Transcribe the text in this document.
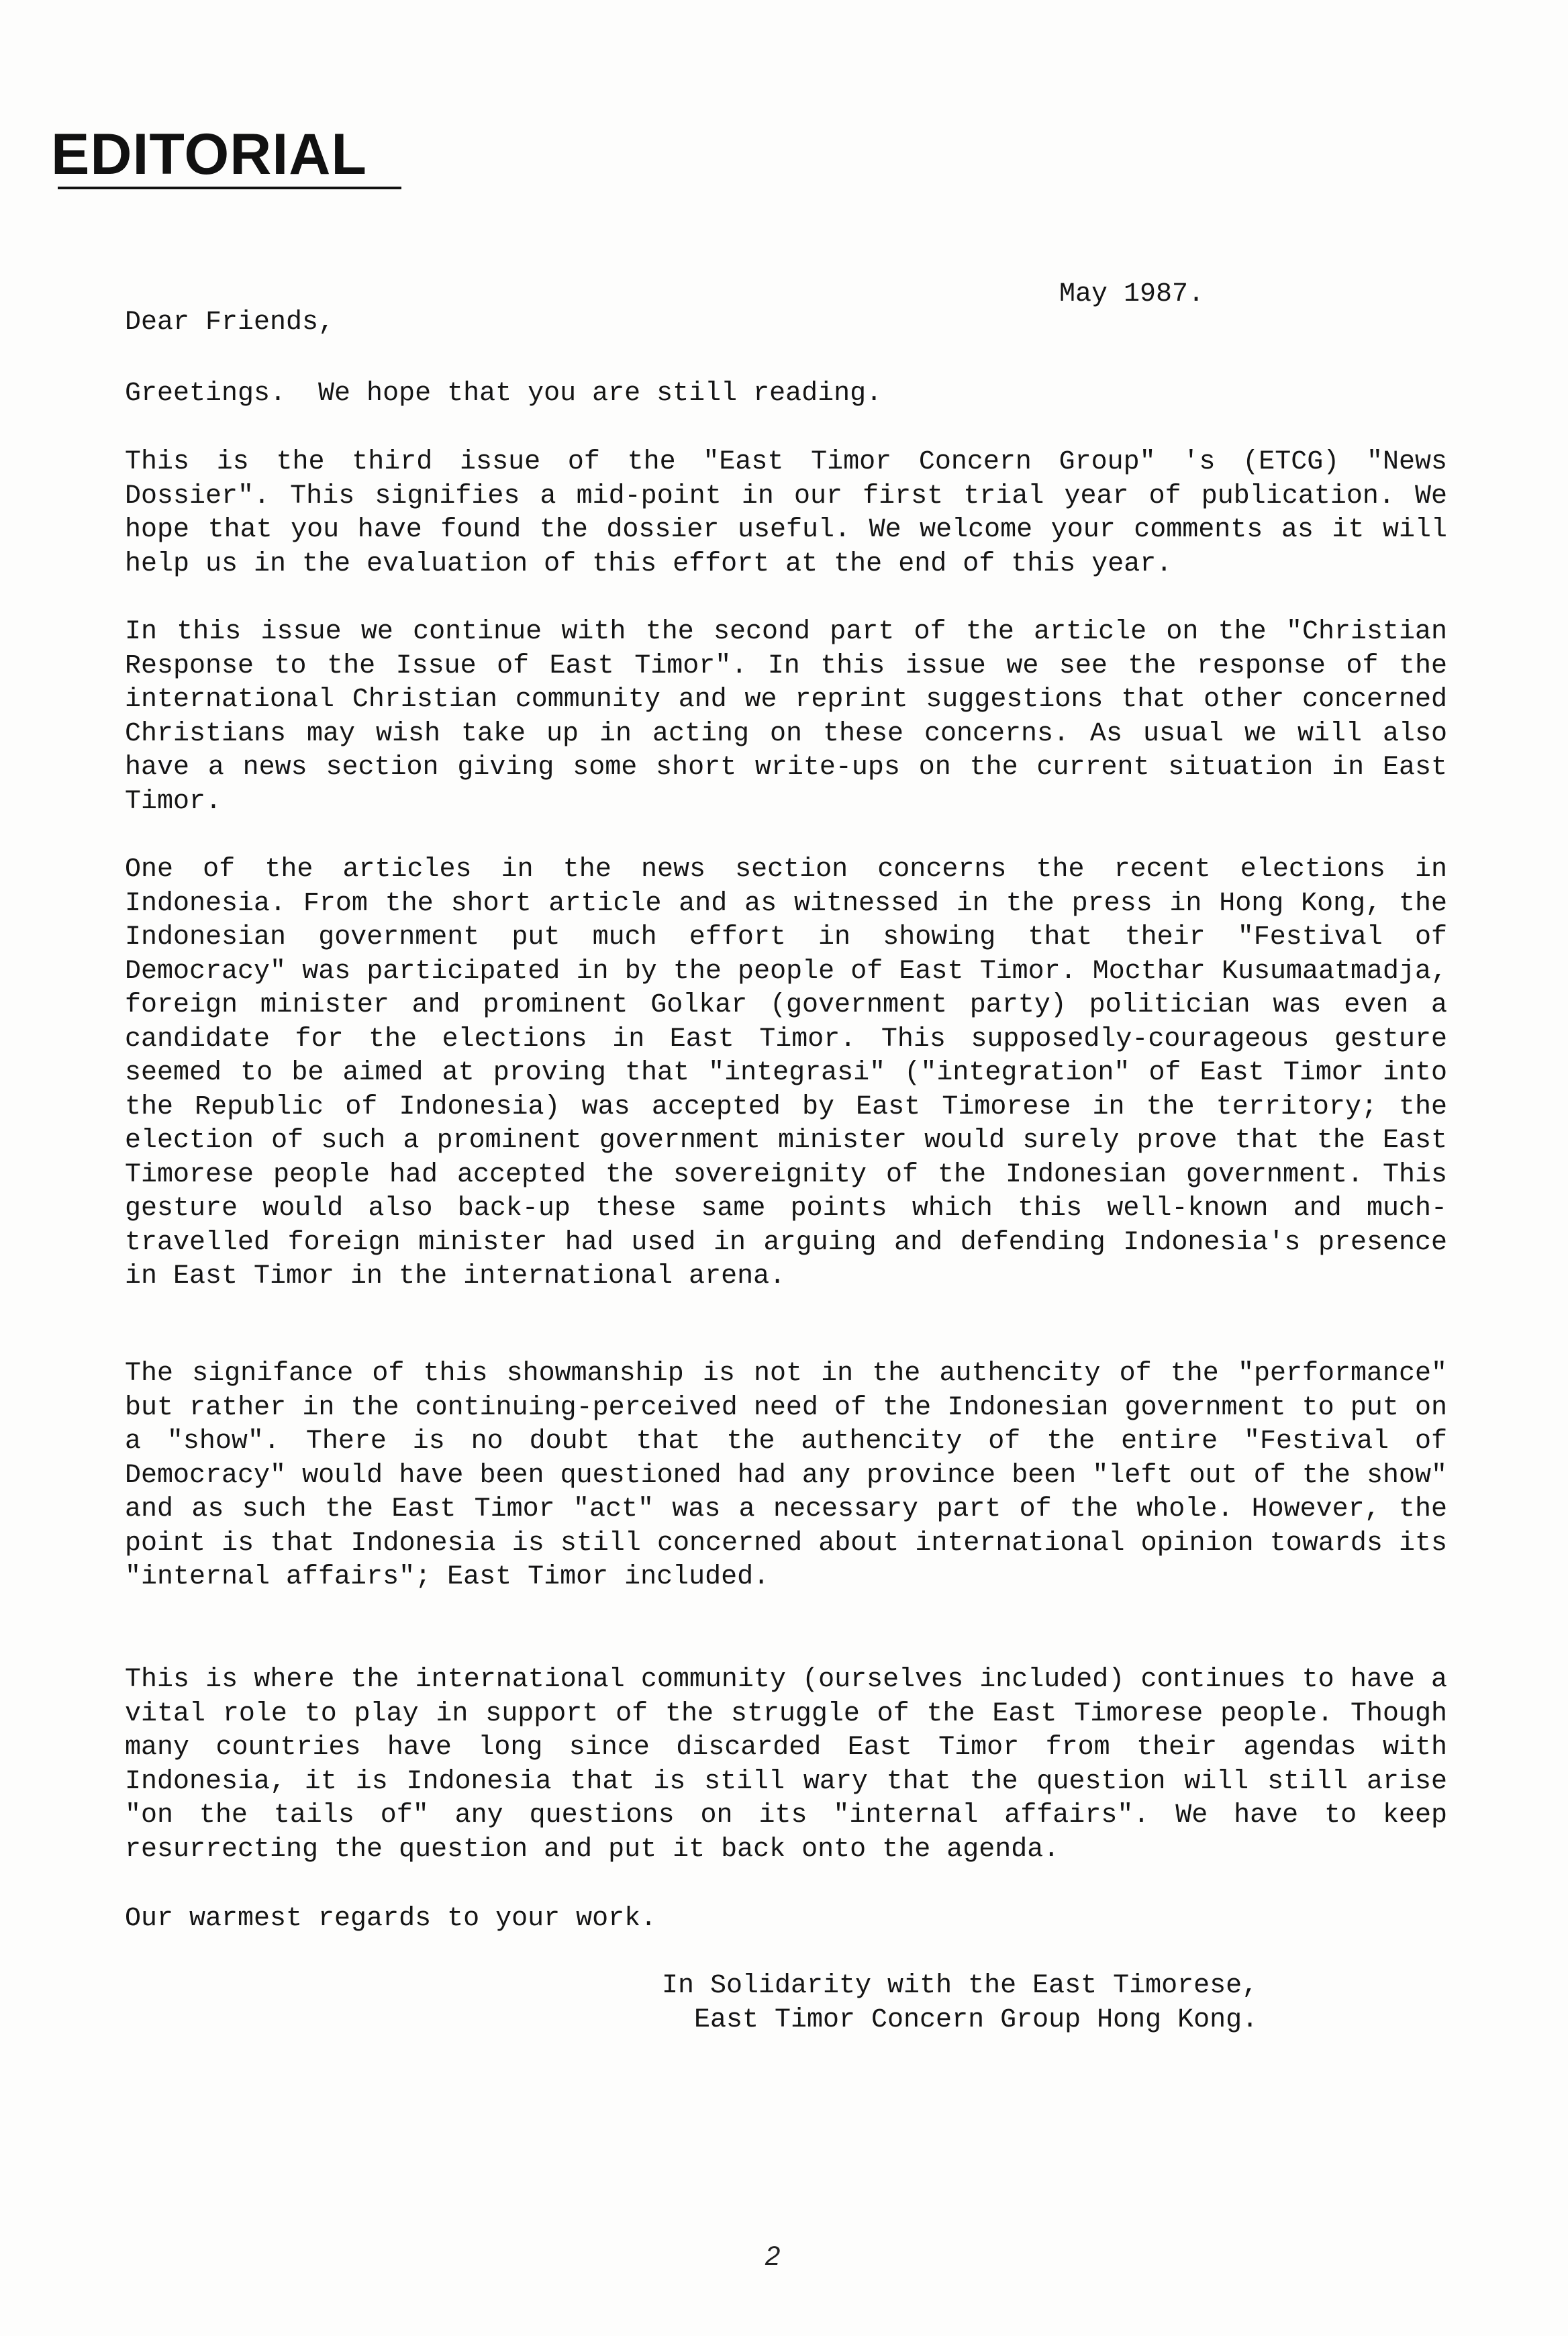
EDITORIAL
May 1987.
Dear Friends,

Greetings.  We hope that you are still reading.

This is the third issue of the "East Timor Concern Group" 's (ETCG) "News Dossier". This signifies a mid-point in our first trial year of publication. We hope that you have found the dossier useful. We welcome your comments as it will help us in the evaluation of this effort at the end of this year.

In this issue we continue with the second part of the article on the "Christian Response to the Issue of East Timor". In this issue we see the response of the international Christian community and we reprint suggestions that other concerned Christians may wish take up in acting on these concerns. As usual we will also have a news section giving some short write-ups on the current situation in East Timor.

One of the articles in the news section concerns the recent elections in Indonesia. From the short article and as witnessed in the press in Hong Kong, the Indonesian government put much effort in showing that their "Festival of Democracy" was participated in by the people of East Timor. Mocthar Kusumaatmadja, foreign minister and prominent Golkar (government party) politician was even a candidate for the elections in East Timor. This supposedly-courageous gesture seemed to be aimed at proving that "integrasi" ("integration" of East Timor into the Republic of Indonesia) was accepted by East Timorese in the territory; the election of such a prominent government minister would surely prove that the East Timorese people had accepted the sovereignity of the Indonesian government. This gesture would also back-up these same points which this well-known and much-travelled foreign minister had used in arguing and defending Indonesia's presence in East Timor in the international arena.

The signifance of this showmanship is not in the authencity of the "performance" but rather in the continuing-perceived need of the Indonesian government to put on a "show". There is no doubt that the authencity of the entire "Festival of Democracy" would have been questioned had any province been "left out of the show" and as such the East Timor "act" was a necessary part of the whole. However, the point is that Indonesia is still concerned about international opinion towards its "internal affairs"; East Timor included.

This is where the international community (ourselves included) continues to have a vital role to play in support of the struggle of the East Timorese people. Though many countries have long since discarded East Timor from their agendas with Indonesia, it is Indonesia that is still wary that the question will still arise "on the tails of" any questions on its "internal affairs". We have to keep resurrecting the question and put it back onto the agenda.

Our warmest regards to your work.

In Solidarity with the East Timorese,
East Timor Concern Group Hong Kong.
2
